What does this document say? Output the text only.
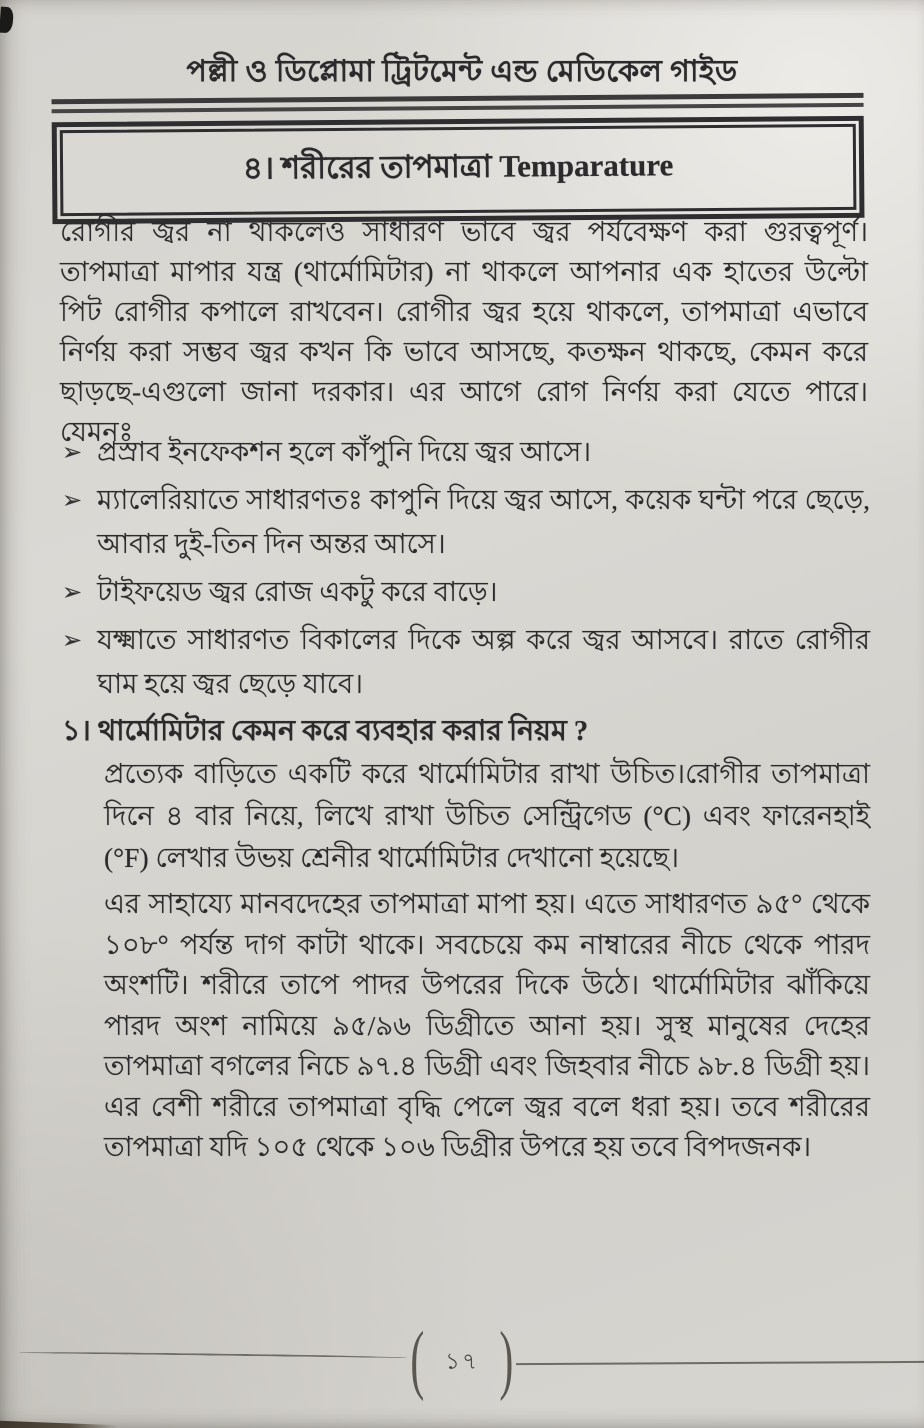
পল্লী ও ডিপ্লোমা ট্রিটমেন্ট এন্ড মেডিকেল গাইড
৪। শরীরের তাপমাত্রা Temparature
রোগীর জ্বর না থাকলেও সাধারণ ভাবে জ্বর পর্যবেক্ষণ করা গুরত্বপূর্ণ। তাপমাত্রা মাপার যন্ত্র (থার্মোমিটার) না থাকলে আপনার এক হাতের উল্টো পিট রোগীর কপালে রাখবেন। রোগীর জ্বর হয়ে থাকলে, তাপমাত্রা এভাবে নির্ণয় করা সম্ভব জ্বর কখন কি ভাবে আসছে, কতক্ষন থাকছে, কেমন করে ছাড়ছে-এগুলো জানা দরকার। এর আগে রোগ নির্ণয় করা যেতে পারে। যেমনঃ
➢ প্রস্রাব ইনফেকশন হলে কাঁপুনি দিয়ে জ্বর আসে।
➢ ম্যালেরিয়াতে সাধারণতঃ কাপুনি দিয়ে জ্বর আসে, কয়েক ঘন্টা পরে ছেড়ে, আবার দুই-তিন দিন অন্তর আসে।
➢ টাইফয়েড জ্বর রোজ একটু করে বাড়ে।
➢ যক্ষ্মাতে সাধারণত বিকালের দিকে অল্প করে জ্বর আসবে। রাতে রোগীর ঘাম হয়ে জ্বর ছেড়ে যাবে।
১। থার্মোমিটার কেমন করে ব্যবহার করার নিয়ম ?
প্রত্যেক বাড়িতে একটি করে থার্মোমিটার রাখা উচিত।রোগীর তাপমাত্রা দিনে ৪ বার নিয়ে, লিখে রাখা উচিত সেন্ট্রিগেড (°C) এবং ফারেনহাই (°F) লেখার উভয় শ্রেনীর থার্মোমিটার দেখানো হয়েছে।
এর সাহায্যে মানবদেহের তাপমাত্রা মাপা হয়। এতে সাধারণত ৯৫° থেকে ১০৮° পর্যন্ত দাগ কাটা থাকে। সবচেয়ে কম নাম্বারের নীচে থেকে পারদ অংশটি। শরীরে তাপে পাদর উপরের দিকে উঠে। থার্মোমিটার ঝাঁকিয়ে পারদ অংশ নামিয়ে ৯৫/৯৬ ডিগ্রীতে আনা হয়। সুস্থ মানুষের দেহের তাপমাত্রা বগলের নিচে ৯৭.৪ ডিগ্রী এবং জিহবার নীচে ৯৮.৪ ডিগ্রী হয়। এর বেশী শরীরে তাপমাত্রা বৃদ্ধি পেলে জ্বর বলে ধরা হয়। তবে শরীরের তাপমাত্রা যদি ১০৫ থেকে ১০৬ ডিগ্রীর উপরে হয় তবে বিপদজনক।
( ১৭ )
